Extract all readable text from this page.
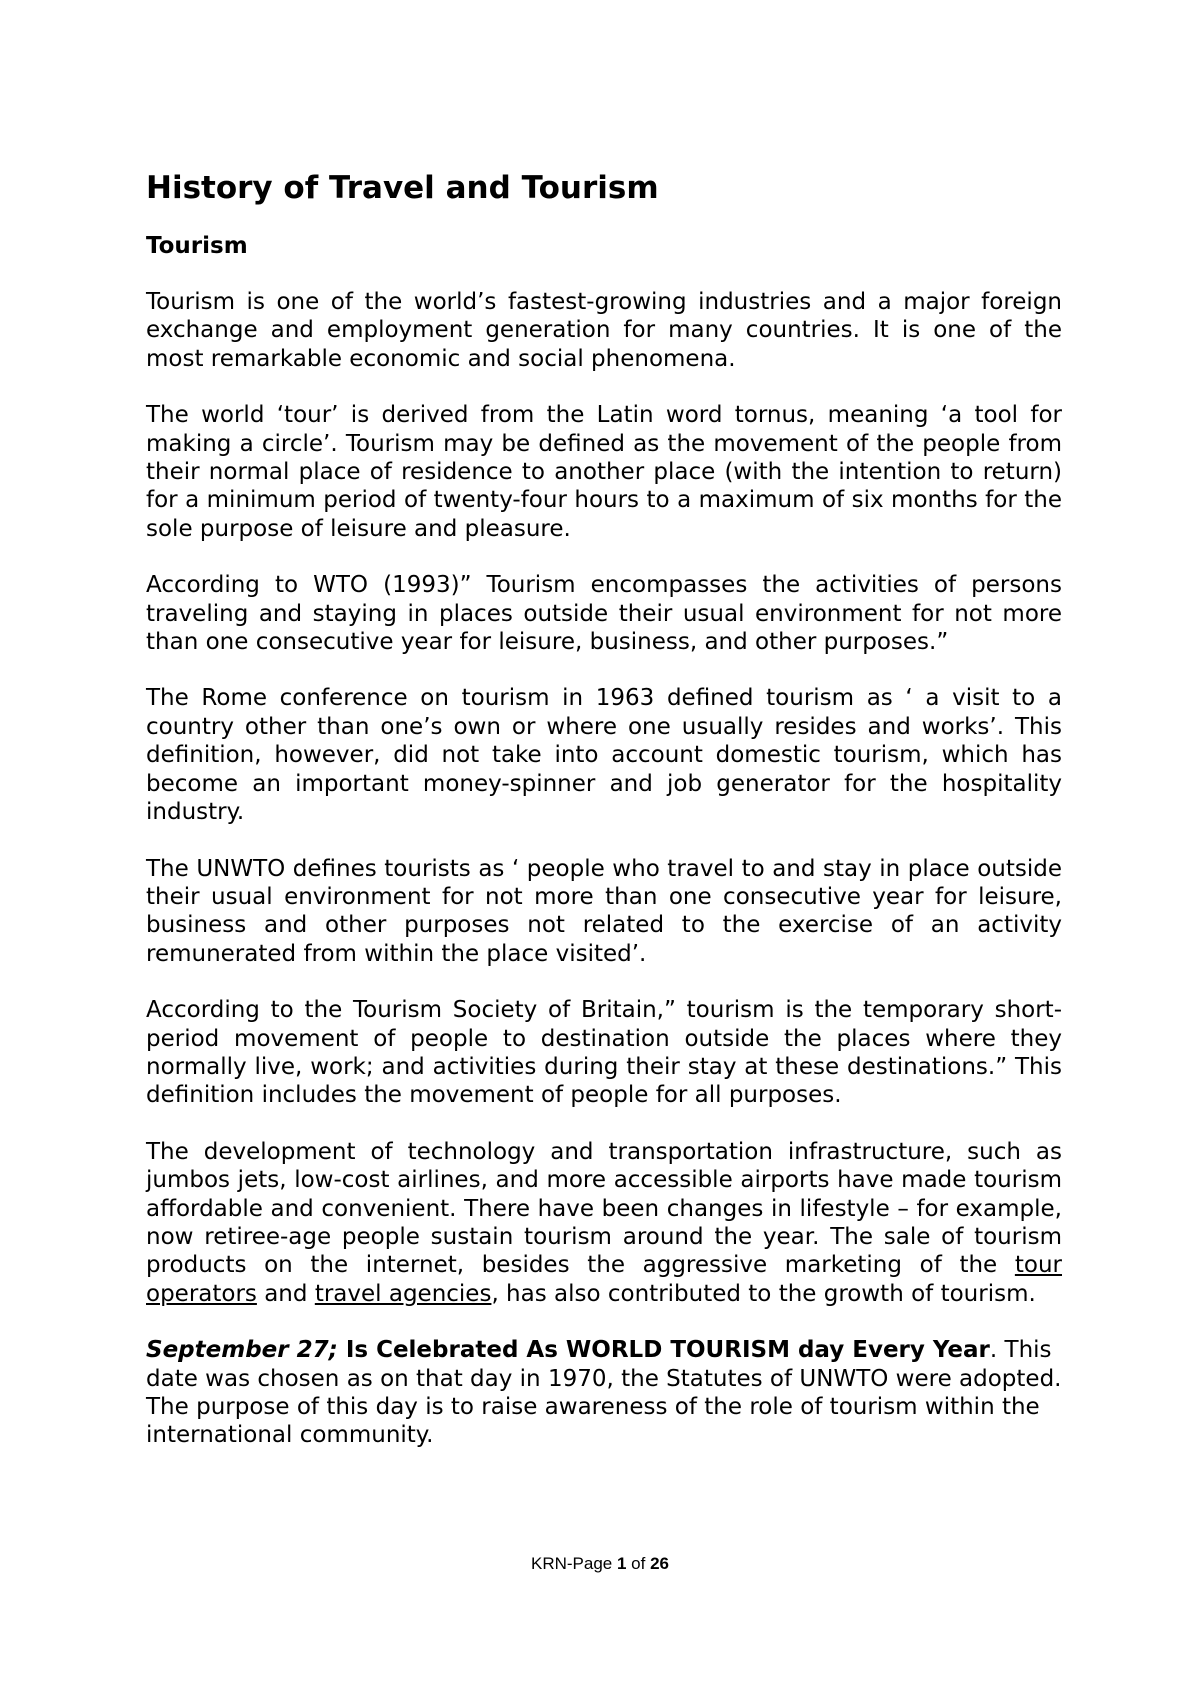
History of Travel and Tourism
Tourism

Tourism is one of the world’s fastest-growing industries and a major foreign exchange and employment generation for many countries. It is one of the most remarkable economic and social phenomena.

The world ‘tour’ is derived from the Latin word tornus, meaning ‘a tool for making a circle’. Tourism may be defined as the movement of the people from their normal place of residence to another place (with the intention to return) for a minimum period of twenty-four hours to a maximum of six months for the sole purpose of leisure and pleasure.

According to WTO (1993)” Tourism encompasses the activities of persons traveling and staying in places outside their usual environment for not more than one consecutive year for leisure, business, and other purposes.”

The Rome conference on tourism in 1963 defined tourism as ‘ a visit to a country other than one’s own or where one usually resides and works’. This definition, however, did not take into account domestic tourism, which has become an important money-spinner and job generator for the hospitality industry.

The UNWTO defines tourists as ‘ people who travel to and stay in place outside their usual environment for not more than one consecutive year for leisure, business and other purposes not related to the exercise of an activity remunerated from within the place visited’.

According to the Tourism Society of Britain,” tourism is the temporary short-period movement of people to destination outside the places where they normally live, work; and activities during their stay at these destinations.” This definition includes the movement of people for all purposes.

The development of technology and transportation infrastructure, such as jumbos jets, low-cost airlines, and more accessible airports have made tourism affordable and convenient. There have been changes in lifestyle – for example, now retiree-age people sustain tourism around the year. The sale of tourism products on the internet, besides the aggressive marketing of the tour operators and travel agencies, has also contributed to the growth of tourism.

September 27; Is Celebrated As WORLD TOURISM day Every Year. This date was chosen as on that day in 1970, the Statutes of UNWTO were adopted. The purpose of this day is to raise awareness of the role of tourism within the international community.

KRN-Page 1 of 26
